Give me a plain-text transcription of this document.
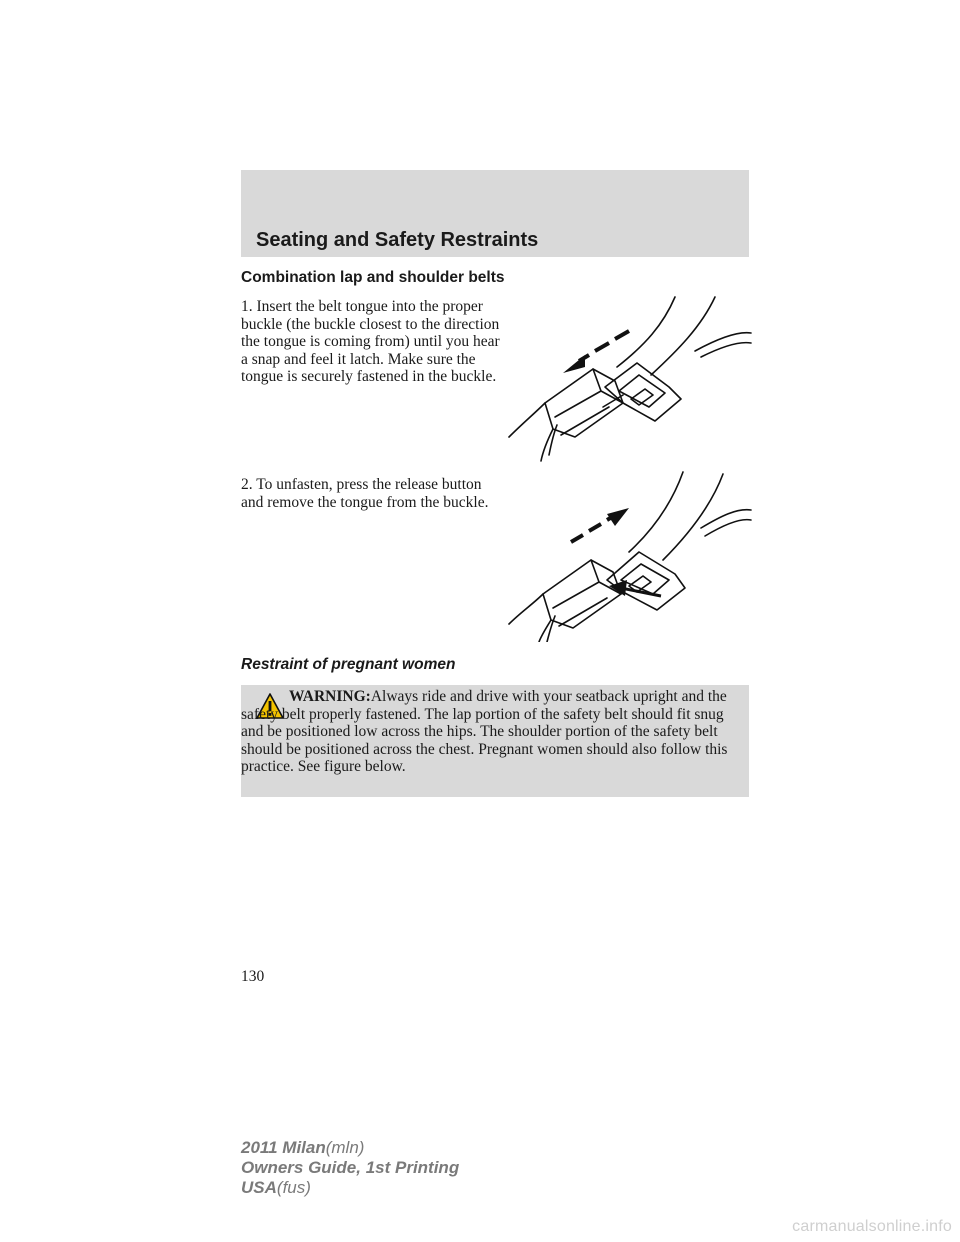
Seating and Safety Restraints
Combination lap and shoulder belts
1. Insert the belt tongue into the proper buckle (the buckle closest to the direction the tongue is coming from) until you hear a snap and feel it latch. Make sure the tongue is securely fastened in the buckle.
2. To unfasten, press the release button and remove the tongue from the buckle.
Restraint of pregnant women
WARNING:Always ride and drive with your seatback upright and the safety belt properly fastened. The lap portion of the safety belt should fit snug and be positioned low across the hips. The shoulder portion of the safety belt should be positioned across the chest. Pregnant women should also follow this practice. See figure below.
130
2011 Milan(mln)
Owners Guide, 1st Printing
USA(fus)
carmanualsonline.info
